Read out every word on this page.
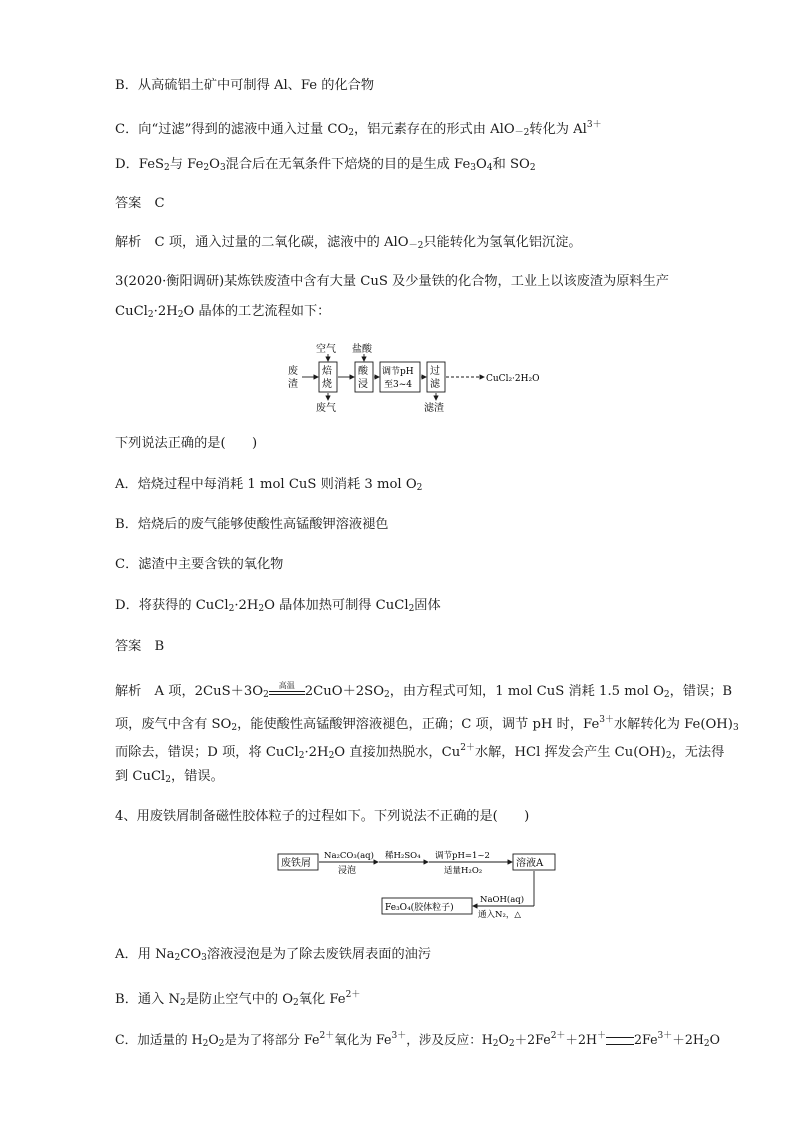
B．从高硫铝土矿中可制得 Al、Fe 的化合物
C．向“过滤”得到的滤液中通入过量 $CO_2$，铝元素存在的形式由 AlO$_{-2}$转化为 $Al^{3+}$
D．FeS$_2$与 $Fe_2O_3$混合后在无氧条件下焙烧的目的是生成 $Fe_3O_4$和 $SO_2$
答案　C
解析　C 项，通入过量的二氧化碳，滤液中的 AlO$_{-2}$只能转化为氢氧化铝沉淀。
3(2020·衡阳调研)某炼铁废渣中含有大量 CuS 及少量铁的化合物，工业上以该废渣为原料生产
$CuCl_2\cdot 2H_2O$ 晶体的工艺流程如下：
废
渣
焙
烧
空气
废气
酸
浸
盐酸
调节pH
至3~4
过
滤
滤渣
CuCl₂·2H₂O
下列说法正确的是(　　)
A．焙烧过程中每消耗 1 mol CuS 则消耗 3 mol $O_2$
B．焙烧后的废气能够使酸性高锰酸钾溶液褪色
C．滤渣中主要含铁的氧化物
D．将获得的 $CuCl_2\cdot 2H_2O$ 晶体加热可制得 CuCl$_2$固体
答案　B
解析　A 项，$2CuS+3O_2$
高温 $2CuO+2SO_2$，由方程式可知，1 mol CuS 消耗 1.5 mol $O_2$，错误；B
项，废气中含有 $SO_2$，能使酸性高锰酸钾溶液褪色，正确；C 项，调节 pH 时，$Fe^{3+}$水解转化为 $Fe(OH)_3$
而除去，错误；D 项，将 $CuCl_2\cdot 2H_2O$ 直接加热脱水，$Cu^{2+}$水解，HCl 挥发会产生 $Cu(OH)_2$，无法得
到 CuCl$_2$，错误。
4、用废铁屑制备磁性胶体粒子的过程如下。下列说法不正确的是(　　)
废铁屑
Na₂CO₃(aq)
浸泡
稀H₂SO₄ 调节pH=1~2
适量H₂O₂
溶液A
NaOH(aq)
通入N₂，△
Fe₃O₄(胶体粒子)
A．用 $Na_2CO_3$溶液浸泡是为了除去废铁屑表面的油污
B．通入 $N_2$是防止空气中的 $O_2$氧化 $Fe^{2+}$
C．加适量的 $H_2O_2$是为了将部分 $Fe^{2+}$氧化为 $Fe^{3+}$，涉及反应：$H_2O_2+2Fe^{2+}+2H^+$ $2Fe^{3+}+2H_2O$
